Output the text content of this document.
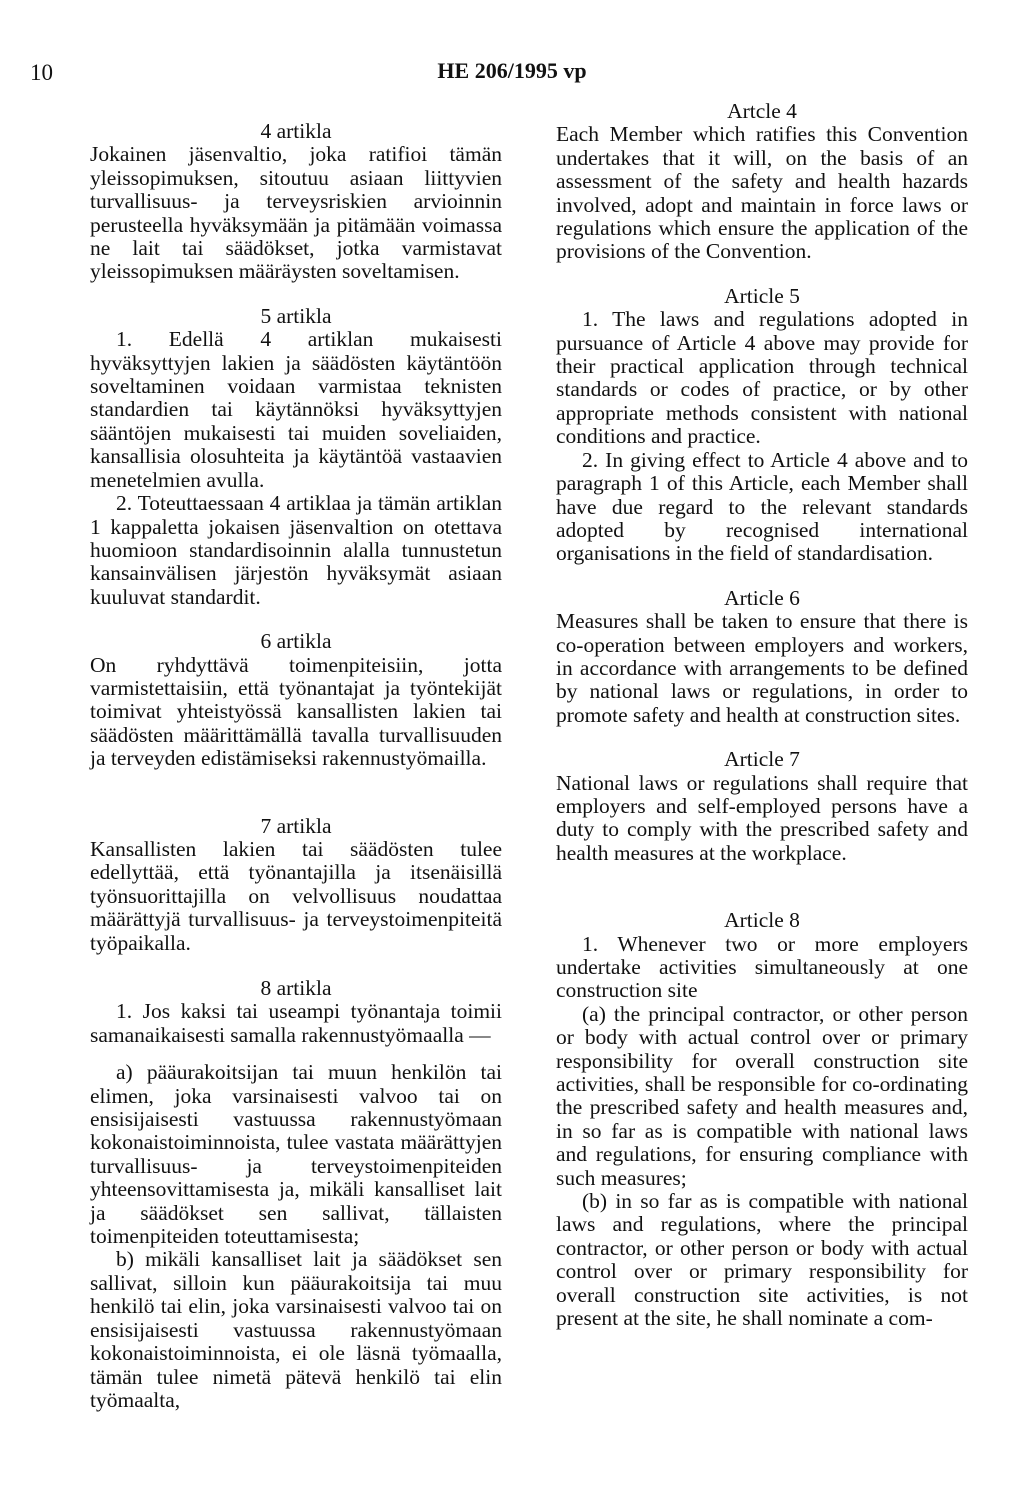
10	HE 206/1995 vp

4 artikla

Jokainen jäsenvaltio, joka ratifioi tämän yleissopimuksen, sitoutuu asiaan liittyvien turvallisuus- ja terveysriskien arvioinnin perusteella hyväksymään ja pitämään voimassa ne lait tai säädökset, jotka varmistavat yleissopimuksen määräysten soveltamisen.

5 artikla

1. Edellä 4 artiklan mukaisesti hyväksyttyjen lakien ja säädösten käytäntöön soveltaminen voidaan varmistaa teknisten standardien tai käytännöksi hyväksyttyjen sääntöjen mukaisesti tai muiden soveliaiden, kansallisia olosuhteita ja käytäntöä vastaavien menetelmien avulla.

2. Toteuttaessaan 4 artiklaa ja tämän artiklan 1 kappaletta jokaisen jäsenvaltion on otettava huomioon standardisoinnin alalla tunnustetun kansainvälisen järjestön hyväksymät asiaan kuuluvat standardit.

6 artikla

On ryhdyttävä toimenpiteisiin, jotta varmistettaisiin, että työnantajat ja työntekijät toimivat yhteistyössä kansallisten lakien tai säädösten määrittämällä tavalla turvallisuuden ja terveyden edistämiseksi rakennustyömailla.

7 artikla

Kansallisten lakien tai säädösten tulee edellyttää, että työnantajilla ja itsenäisillä työnsuorittajilla on velvollisuus noudattaa määrättyjä turvallisuus- ja terveystoimenpiteitä työpaikalla.

8 artikla

1. Jos kaksi tai useampi työnantaja toimii samanaikaisesti samalla rakennustyömaalla —

a) pääurakoitsijan tai muun henkilön tai elimen, joka varsinaisesti valvoo tai on ensisijaisesti vastuussa rakennustyömaan kokonaistoiminnoista, tulee vastata määrättyjen turvallisuus- ja terveystoimenpiteiden yhteensovittamisesta ja, mikäli kansalliset lait ja säädökset sen sallivat, tällaisten toimenpiteiden toteuttamisesta;

b) mikäli kansalliset lait ja säädökset sen sallivat, silloin kun pääurakoitsija tai muu henkilö tai elin, joka varsinaisesti valvoo tai on ensisijaisesti vastuussa rakennustyömaan kokonaistoiminnoista, ei ole läsnä työmaalla, tämän tulee nimetä pätevä henkilö tai elin työmaalta,

Artcle 4

Each Member which ratifies this Convention undertakes that it will, on the basis of an assessment of the safety and health hazards involved, adopt and maintain in force laws or regulations which ensure the application of the provisions of the Convention.

Article 5

1. The laws and regulations adopted in pursuance of Article 4 above may provide for their practical application through technical standards or codes of practice, or by other appropriate methods consistent with national conditions and practice.

2. In giving effect to Article 4 above and to paragraph 1 of this Article, each Member shall have due regard to the relevant standards adopted by recognised international organisations in the field of standardisation.

Article 6

Measures shall be taken to ensure that there is co-operation between employers and workers, in accordance with arrangements to be defined by national laws or regulations, in order to promote safety and health at construction sites.

Article 7

National laws or regulations shall require that employers and self-employed persons have a duty to comply with the prescribed safety and health measures at the workplace.

Article 8

1. Whenever two or more employers undertake activities simultaneously at one construction site

(a) the principal contractor, or other person or body with actual control over or primary responsibility for overall construction site activities, shall be responsible for co-ordinating the prescribed safety and health measures and, in so far as is compatible with national laws and regulations, for ensuring compliance with such measures;

(b) in so far as is compatible with national laws and regulations, where the principal contractor, or other person or body with actual control over or primary responsibility for overall construction site activities, is not present at the site, he shall nominate a com-
